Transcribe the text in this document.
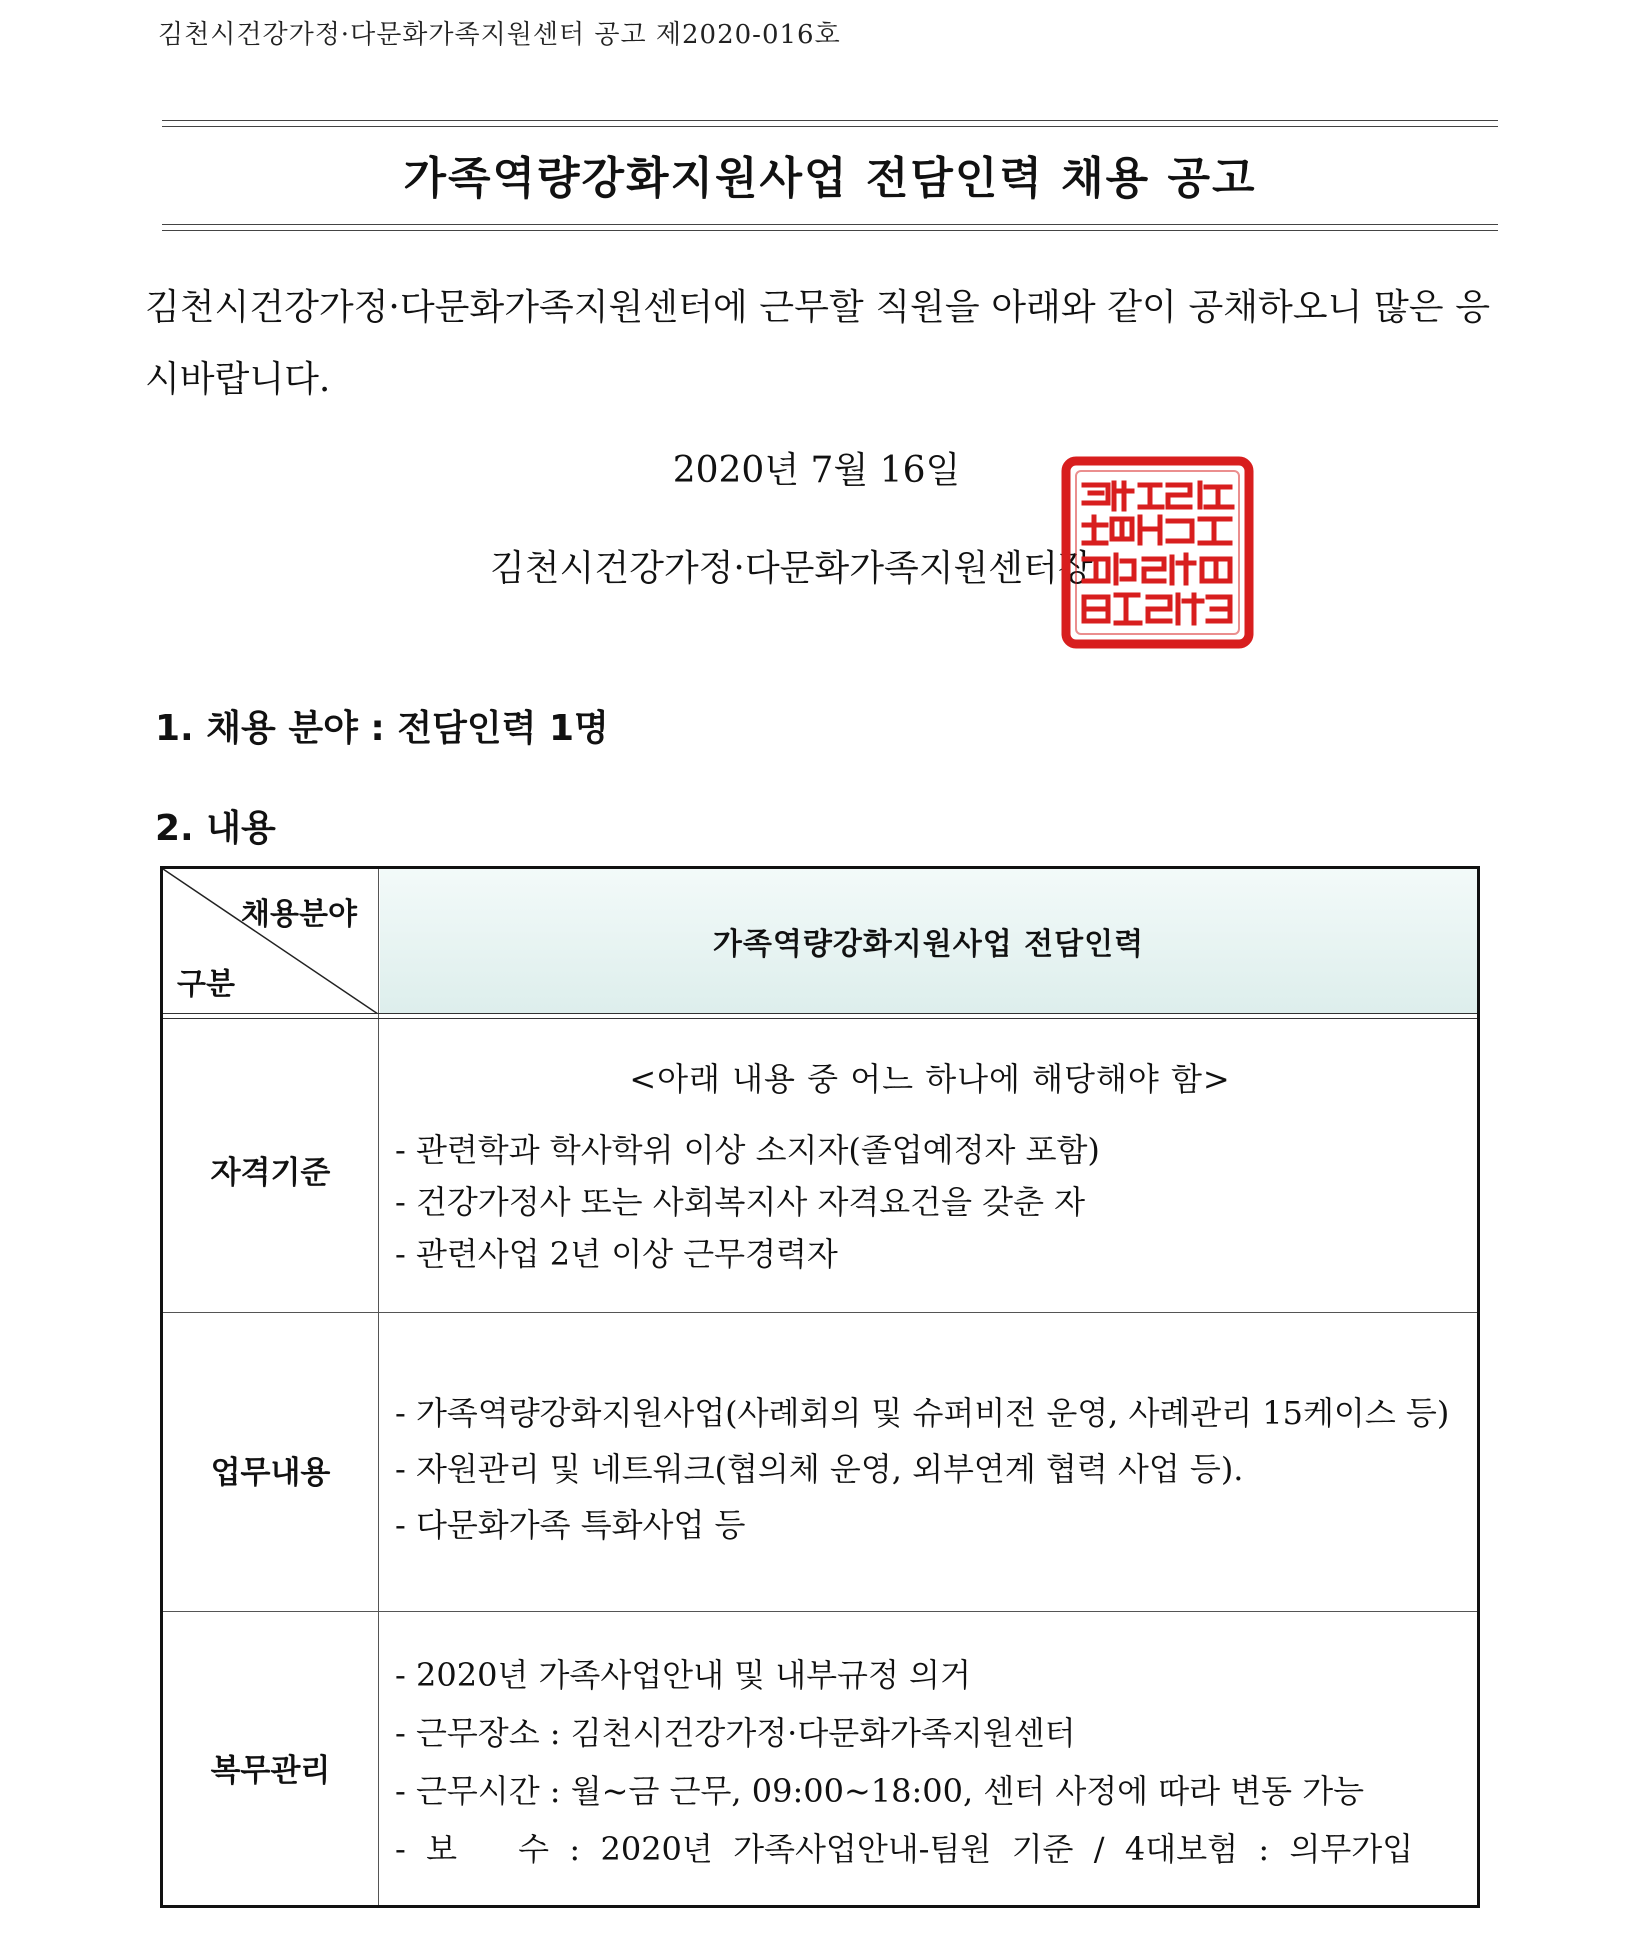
김천시건강가정·다문화가족지원센터 공고 제2020-016호
가족역량강화지원사업 전담인력 채용 공고
김천시건강가정·다문화가족지원센터에 근무할 직원을 아래와 같이 공채하오니 많은 응시바랍니다.
2020년 7월 16일
김천시건강가정·다문화가족지원센터장
1. 채용 분야 : 전담인력 1명
2. 내용
채용분야
구분
가족역량강화지원사업 전담인력
자격기준
<아래 내용 중 어느 하나에 해당해야 함>
- 관련학과 학사학위 이상 소지자(졸업예정자 포함)
- 건강가정사 또는 사회복지사 자격요건을 갖춘 자
- 관련사업 2년 이상 근무경력자
업무내용
- 가족역량강화지원사업(사례회의 및 슈퍼비전 운영, 사례관리 15케이스 등)
- 자원관리 및 네트워크(협의체 운영, 외부연계 협력 사업 등).
- 다문화가족 특화사업 등
복무관리
- 2020년 가족사업안내 및 내부규정 의거
- 근무장소 : 김천시건강가정·다문화가족지원센터
- 근무시간 : 월~금 근무, 09:00~18:00, 센터 사정에 따라 변동 가능
-  보      수  :  2020년  가족사업안내-팀원  기준  /  4대보험  :  의무가입
